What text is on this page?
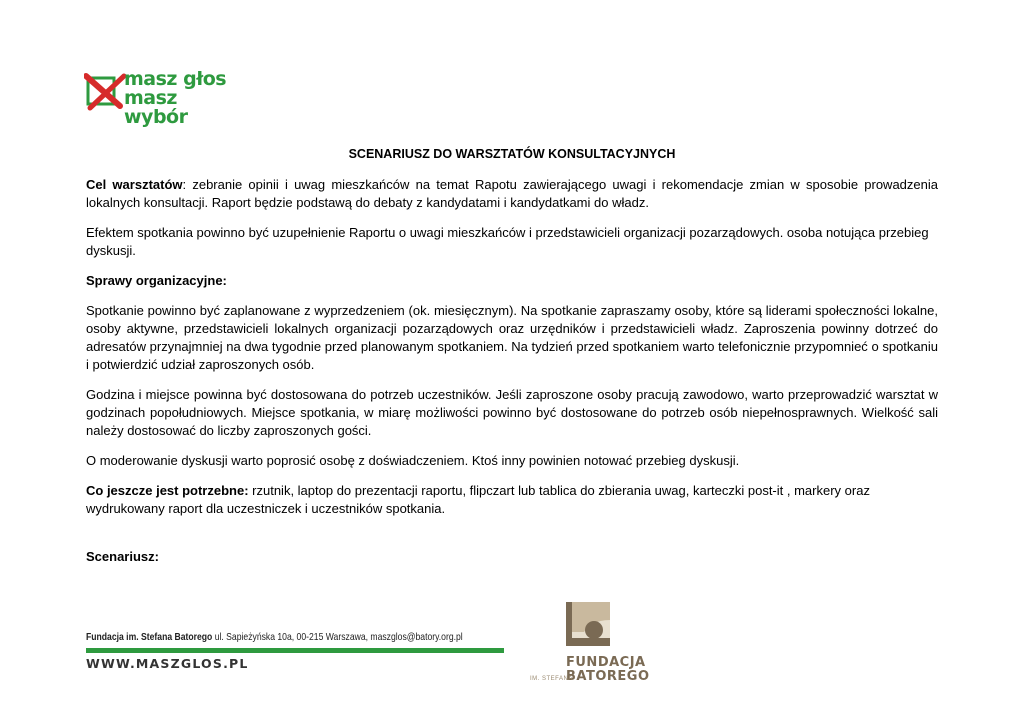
masz głos
masz wybór
SCENARIUSZ DO WARSZTATÓW KONSULTACYJNYCH

Cel warsztatów: zebranie opinii i uwag mieszkańców na temat Rapotu zawierającego uwagi i rekomendacje zmian w sposobie prowadzenia lokalnych konsultacji. Raport będzie podstawą do debaty z kandydatami i kandydatkami do władz.

Efektem spotkania powinno być uzupełnienie Raportu o uwagi mieszkańców i przedstawicieli organizacji pozarządowych. osoba notująca przebieg dyskusji.

Sprawy organizacyjne:

Spotkanie powinno być zaplanowane z wyprzedzeniem (ok. miesięcznym). Na spotkanie zapraszamy osoby, które są liderami społeczności lokalne, osoby aktywne, przedstawicieli lokalnych organizacji pozarządowych oraz urzędników i przedstawicieli władz. Zaproszenia powinny dotrzeć do adresatów przynajmniej na dwa tygodnie przed planowanym spotkaniem. Na tydzień przed spotkaniem warto telefonicznie przypomnieć o spotkaniu i potwierdzić udział zaproszonych osób.

Godzina i miejsce powinna być dostosowana do potrzeb uczestników. Jeśli zaproszone osoby pracują zawodowo, warto przeprowadzić warsztat w godzinach popołudniowych. Miejsce spotkania, w miarę możliwości powinno być dostosowane do potrzeb osób niepełnosprawnych. Wielkość sali należy dostosować do liczby zaproszonych gości.

O moderowanie dyskusji warto poprosić osobę z doświadczeniem. Ktoś inny powinien notować przebieg dyskusji.

Co jeszcze jest potrzebne: rzutnik, laptop do prezentacji raportu, flipczart lub tablica do zbierania uwag, karteczki post-it , markery oraz wydrukowany raport dla uczestniczek i uczestników spotkania.

Scenariusz:

Fundacja im. Stefana Batorego ul. Sapieżyńska 10a, 00-215 Warszawa, maszglos@batory.org.pl
WWW.MASZGLOS.PL	FUNDACJA
BATOREGO
IM. STEFANA
